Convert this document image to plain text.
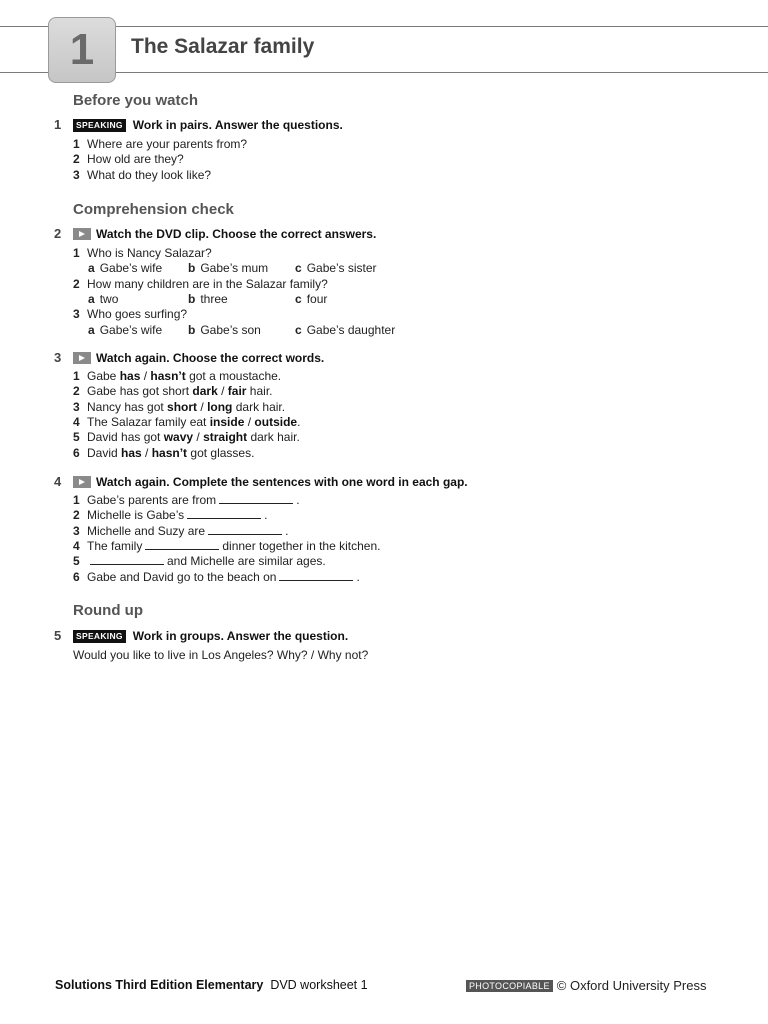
1	The Salazar family
Before you watch
1	SPEAKING Work in pairs. Answer the questions.
1 Where are your parents from?
2 How old are they?
3 What do they look like?
Comprehension check
2	Watch the DVD clip. Choose the correct answers.
1 Who is Nancy Salazar?
a Gabe’s wife b Gabe’s mum c Gabe’s sister
2 How many children are in the Salazar family?
a two	b three	c four
3 Who goes surfing?
a Gabe’s wife b Gabe’s son	c Gabe’s daughter
3	Watch again. Choose the correct words.
1 Gabe has / hasn’t got a moustache.
2 Gabe has got short dark / fair hair.
3 Nancy has got short / long dark hair.
4 The Salazar family eat inside / outside.
5 David has got wavy / straight dark hair.
6 David has / hasn’t got glasses.
4	Watch again. Complete the sentences with one word in each gap.
1 Gabe’s parents are from	.
2 Michelle is Gabe’s	.
3 Michelle and Suzy are	.
4 The family	dinner together in the kitchen.
5	and Michelle are similar ages.
6 Gabe and David go to the beach on	.
Round up
5	SPEAKING Work in groups. Answer the question.
Would you like to live in Los Angeles? Why? / Why not?
Solutions Third Edition Elementary DVD worksheet 1	PHOTOCOPIABLE © Oxford University Press
